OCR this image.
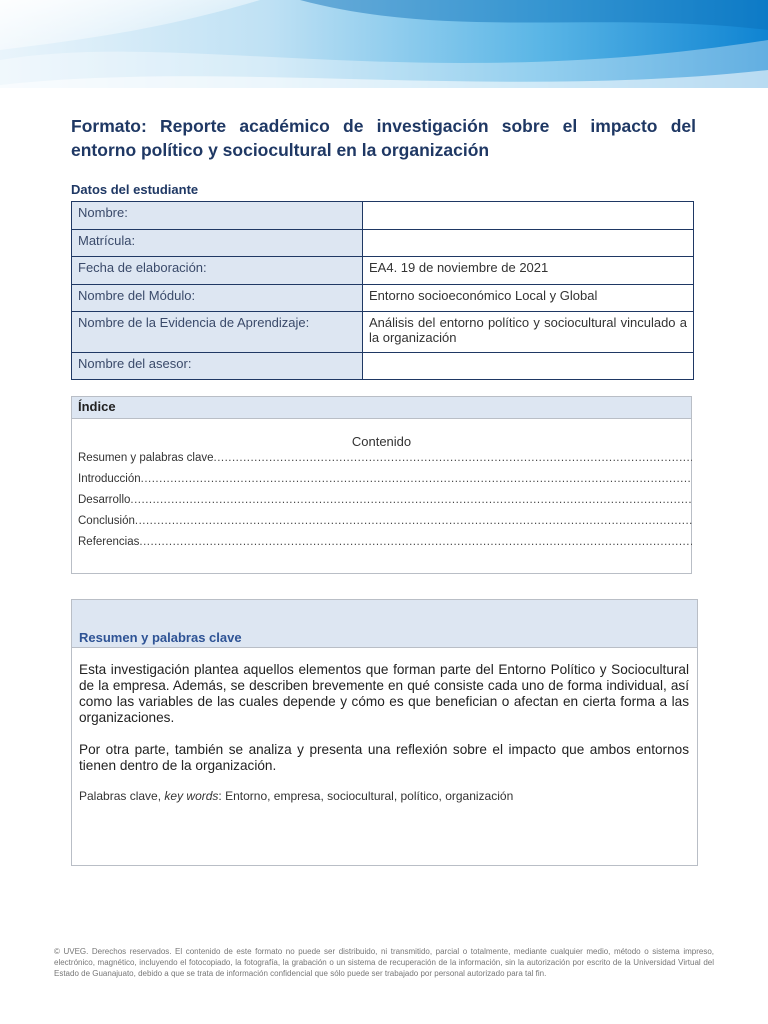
Formato: Reporte académico de investigación sobre el impacto del
entorno político y sociocultural en la organización
Datos del estudiante
Nombre:	
Matrícula:	
Fecha de elaboración:	EA4. 19 de noviembre de 2021
Nombre del Módulo:	Entorno socioeconómico Local y Global
Nombre de la Evidencia de Aprendizaje:	Análisis del entorno político y sociocultural vinculado a la organización
Nombre del asesor:	
Índice
Contenido
Resumen y palabras clave .....
Introducción .....
Desarrollo .....
Conclusión .....
Referencias .....
Resumen y palabras clave

Esta investigación plantea aquellos elementos que forman parte del Entorno Político y Sociocultural de la empresa. Además, se describen brevemente en qué consiste cada uno de forma individual, así como las variables de las cuales depende y cómo es que benefician o afectan en cierta forma a las organizaciones.

Por otra parte, también se analiza y presenta una reflexión sobre el impacto que ambos entornos tienen dentro de la organización.

Palabras clave, key words: Entorno, empresa, sociocultural, político, organización
© UVEG. Derechos reservados. El contenido de este formato no puede ser distribuido, ni transmitido, parcial o totalmente, mediante cualquier medio, método o sistema impreso, electrónico, magnético, incluyendo el fotocopiado, la fotografía, la grabación o un sistema de recuperación de la información, sin la autorización por escrito de la Universidad Virtual del Estado de Guanajuato, debido a que se trata de información confidencial que sólo puede ser trabajado por personal autorizado para tal fin.
